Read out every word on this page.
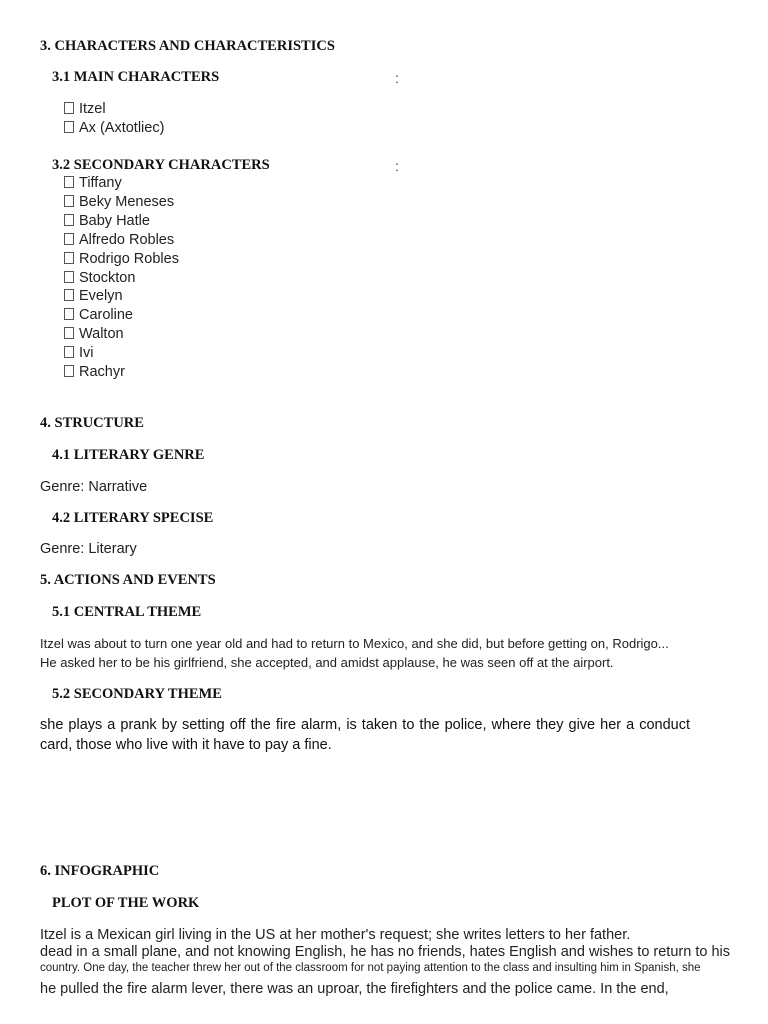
3. CHARACTERS AND CHARACTERISTICS
3.1 MAIN CHARACTERS	:
Itzel
Ax (Axtotliec)
3.2 SECONDARY CHARACTERS	:
Tiffany
Beky Meneses
Baby Hatle
Alfredo Robles
Rodrigo Robles
Stockton
Evelyn
Caroline
Walton
Ivi
Rachyr
4. STRUCTURE
4.1 LITERARY GENRE
Genre: Narrative
4.2 LITERARY SPECISE
Genre: Literary
5. ACTIONS AND EVENTS
5.1 CENTRAL THEME
Itzel was about to turn one year old and had to return to Mexico, and she did, but before getting on, Rodrigo...
He asked her to be his girlfriend, she accepted, and amidst applause, he was seen off at the airport.
5.2 SECONDARY THEME
she plays a prank by setting off the fire alarm, is taken to the police, where they give her a conduct card, those who live with it have to pay a fine.
6. INFOGRAPHIC
PLOT OF THE WORK
Itzel is a Mexican girl living in the US at her mother's request; she writes letters to her father.
dead in a small plane, and not knowing English, he has no friends, hates English and wishes to return to his
country. One day, the teacher threw her out of the classroom for not paying attention to the class and insulting him in Spanish, she
he pulled the fire alarm lever, there was an uproar, the firefighters and the police came. In the end,
